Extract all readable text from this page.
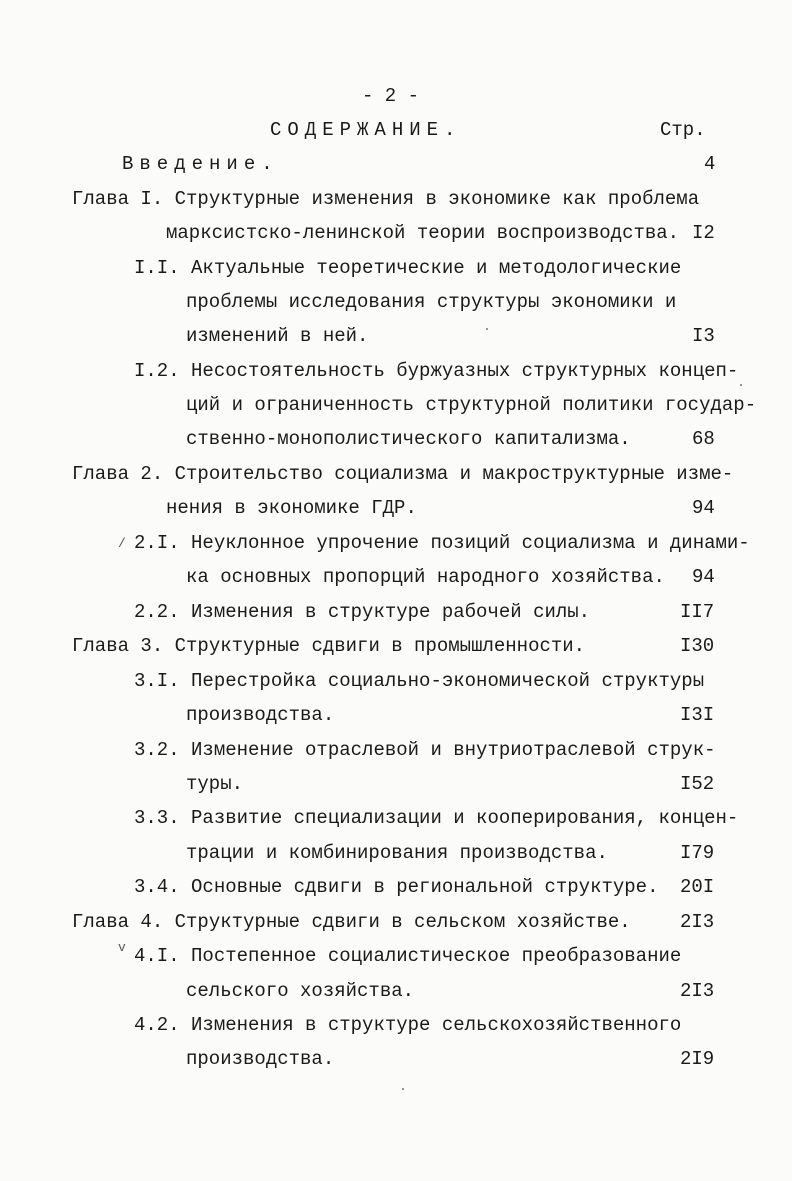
- 2 -
СОДЕРЖАНИЕ.	Стр.
Введение.	4
Глава I. Структурные изменения в экономике как проблема
марксистско-ленинской теории воспроизводства. I2
I.I. Актуальные теоретические и методологические
проблемы исследования структуры экономики и
изменений в ней.	I3
I.2. Несостоятельность буржуазных структурных концеп-
ций и ограниченность структурной политики государ-
ственно-монополистического капитализма.	68
Глава 2. Строительство социализма и макроструктурные изме-
нения в экономике ГДР.	94
/ 2.I. Неуклонное упрочение позиций социализма и динами-
ка основных пропорций народного хозяйства. 94
2.2. Изменения в структуре рабочей силы.	II7
Глава 3. Структурные сдвиги в промышленности.	I30
3.I. Перестройка социально-экономической структуры
производства.	I3I
3.2. Изменение отраслевой и внутриотраслевой струк-
туры.	I52
3.3. Развитие специализации и кооперирования, концен-
трации и комбинирования производства.	I79
3.4. Основные сдвиги в региональной структуре. 20I
Глава 4. Структурные сдвиги в сельском хозяйстве.	2I3
v 4.I. Постепенное социалистическое преобразование
сельского хозяйства.	2I3
4.2. Изменения в структуре сельскохозяйственного
производства.	2I9
